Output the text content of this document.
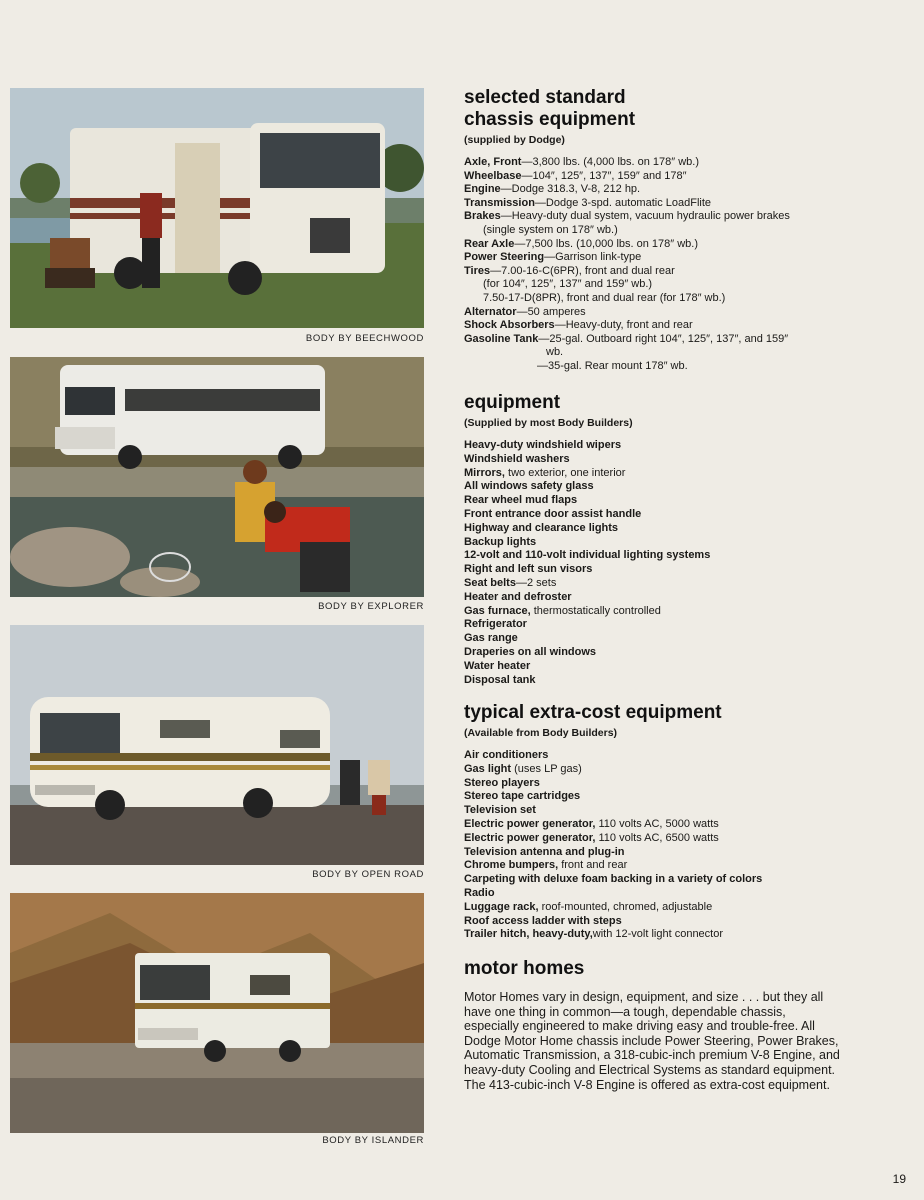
BODY BY BEECHWOOD
BODY BY EXPLORER
BODY BY OPEN ROAD
BODY BY ISLANDER
selected standard
chassis equipment
(supplied by Dodge)
Axle, Front—3,800 lbs. (4,000 lbs. on 178″ wb.)
Wheelbase—104″, 125″, 137″, 159″ and 178″
Engine—Dodge 318.3, V-8, 212 hp.
Transmission—Dodge 3-spd. automatic LoadFlite
Brakes—Heavy-duty dual system, vacuum hydraulic power brakes
(single system on 178″ wb.)
Rear Axle—7,500 lbs. (10,000 lbs. on 178″ wb.)
Power Steering—Garrison link-type
Tires—7.00-16-C(6PR), front and dual rear
(for 104″, 125″, 137″ and 159″ wb.)
7.50-17-D(8PR), front and dual rear (for 178″ wb.)
Alternator—50 amperes
Shock Absorbers—Heavy-duty, front and rear
Gasoline Tank—25-gal. Outboard right 104″, 125″, 137″, and 159″
wb.
—35-gal. Rear mount 178″ wb.
equipment
(Supplied by most Body Builders)
Heavy-duty windshield wipers
Windshield washers
Mirrors, two exterior, one interior
All windows safety glass
Rear wheel mud flaps
Front entrance door assist handle
Highway and clearance lights
Backup lights
12-volt and 110-volt individual lighting systems
Right and left sun visors
Seat belts—2 sets
Heater and defroster
Gas furnace, thermostatically controlled
Refrigerator
Gas range
Draperies on all windows
Water heater
Disposal tank
typical extra-cost equipment
(Available from Body Builders)
Air conditioners
Gas light (uses LP gas)
Stereo players
Stereo tape cartridges
Television set
Electric power generator, 110 volts AC, 5000 watts
Electric power generator, 110 volts AC, 6500 watts
Television antenna and plug-in
Chrome bumpers, front and rear
Carpeting with deluxe foam backing in a variety of colors
Radio
Luggage rack, roof-mounted, chromed, adjustable
Roof access ladder with steps
Trailer hitch, heavy-duty,with 12-volt light connector
motor homes
Motor Homes vary in design, equipment, and size . . . but they all have one thing in common—a tough, dependable chassis, especially engineered to make driving easy and trouble-free. All Dodge Motor Home chassis include Power Steering, Power Brakes, Automatic Transmission, a 318-cubic-inch premium V-8 Engine, and heavy-duty Cooling and Electrical Systems as standard equipment. The 413-cubic-inch V-8 Engine is offered as extra-cost equipment.
19
